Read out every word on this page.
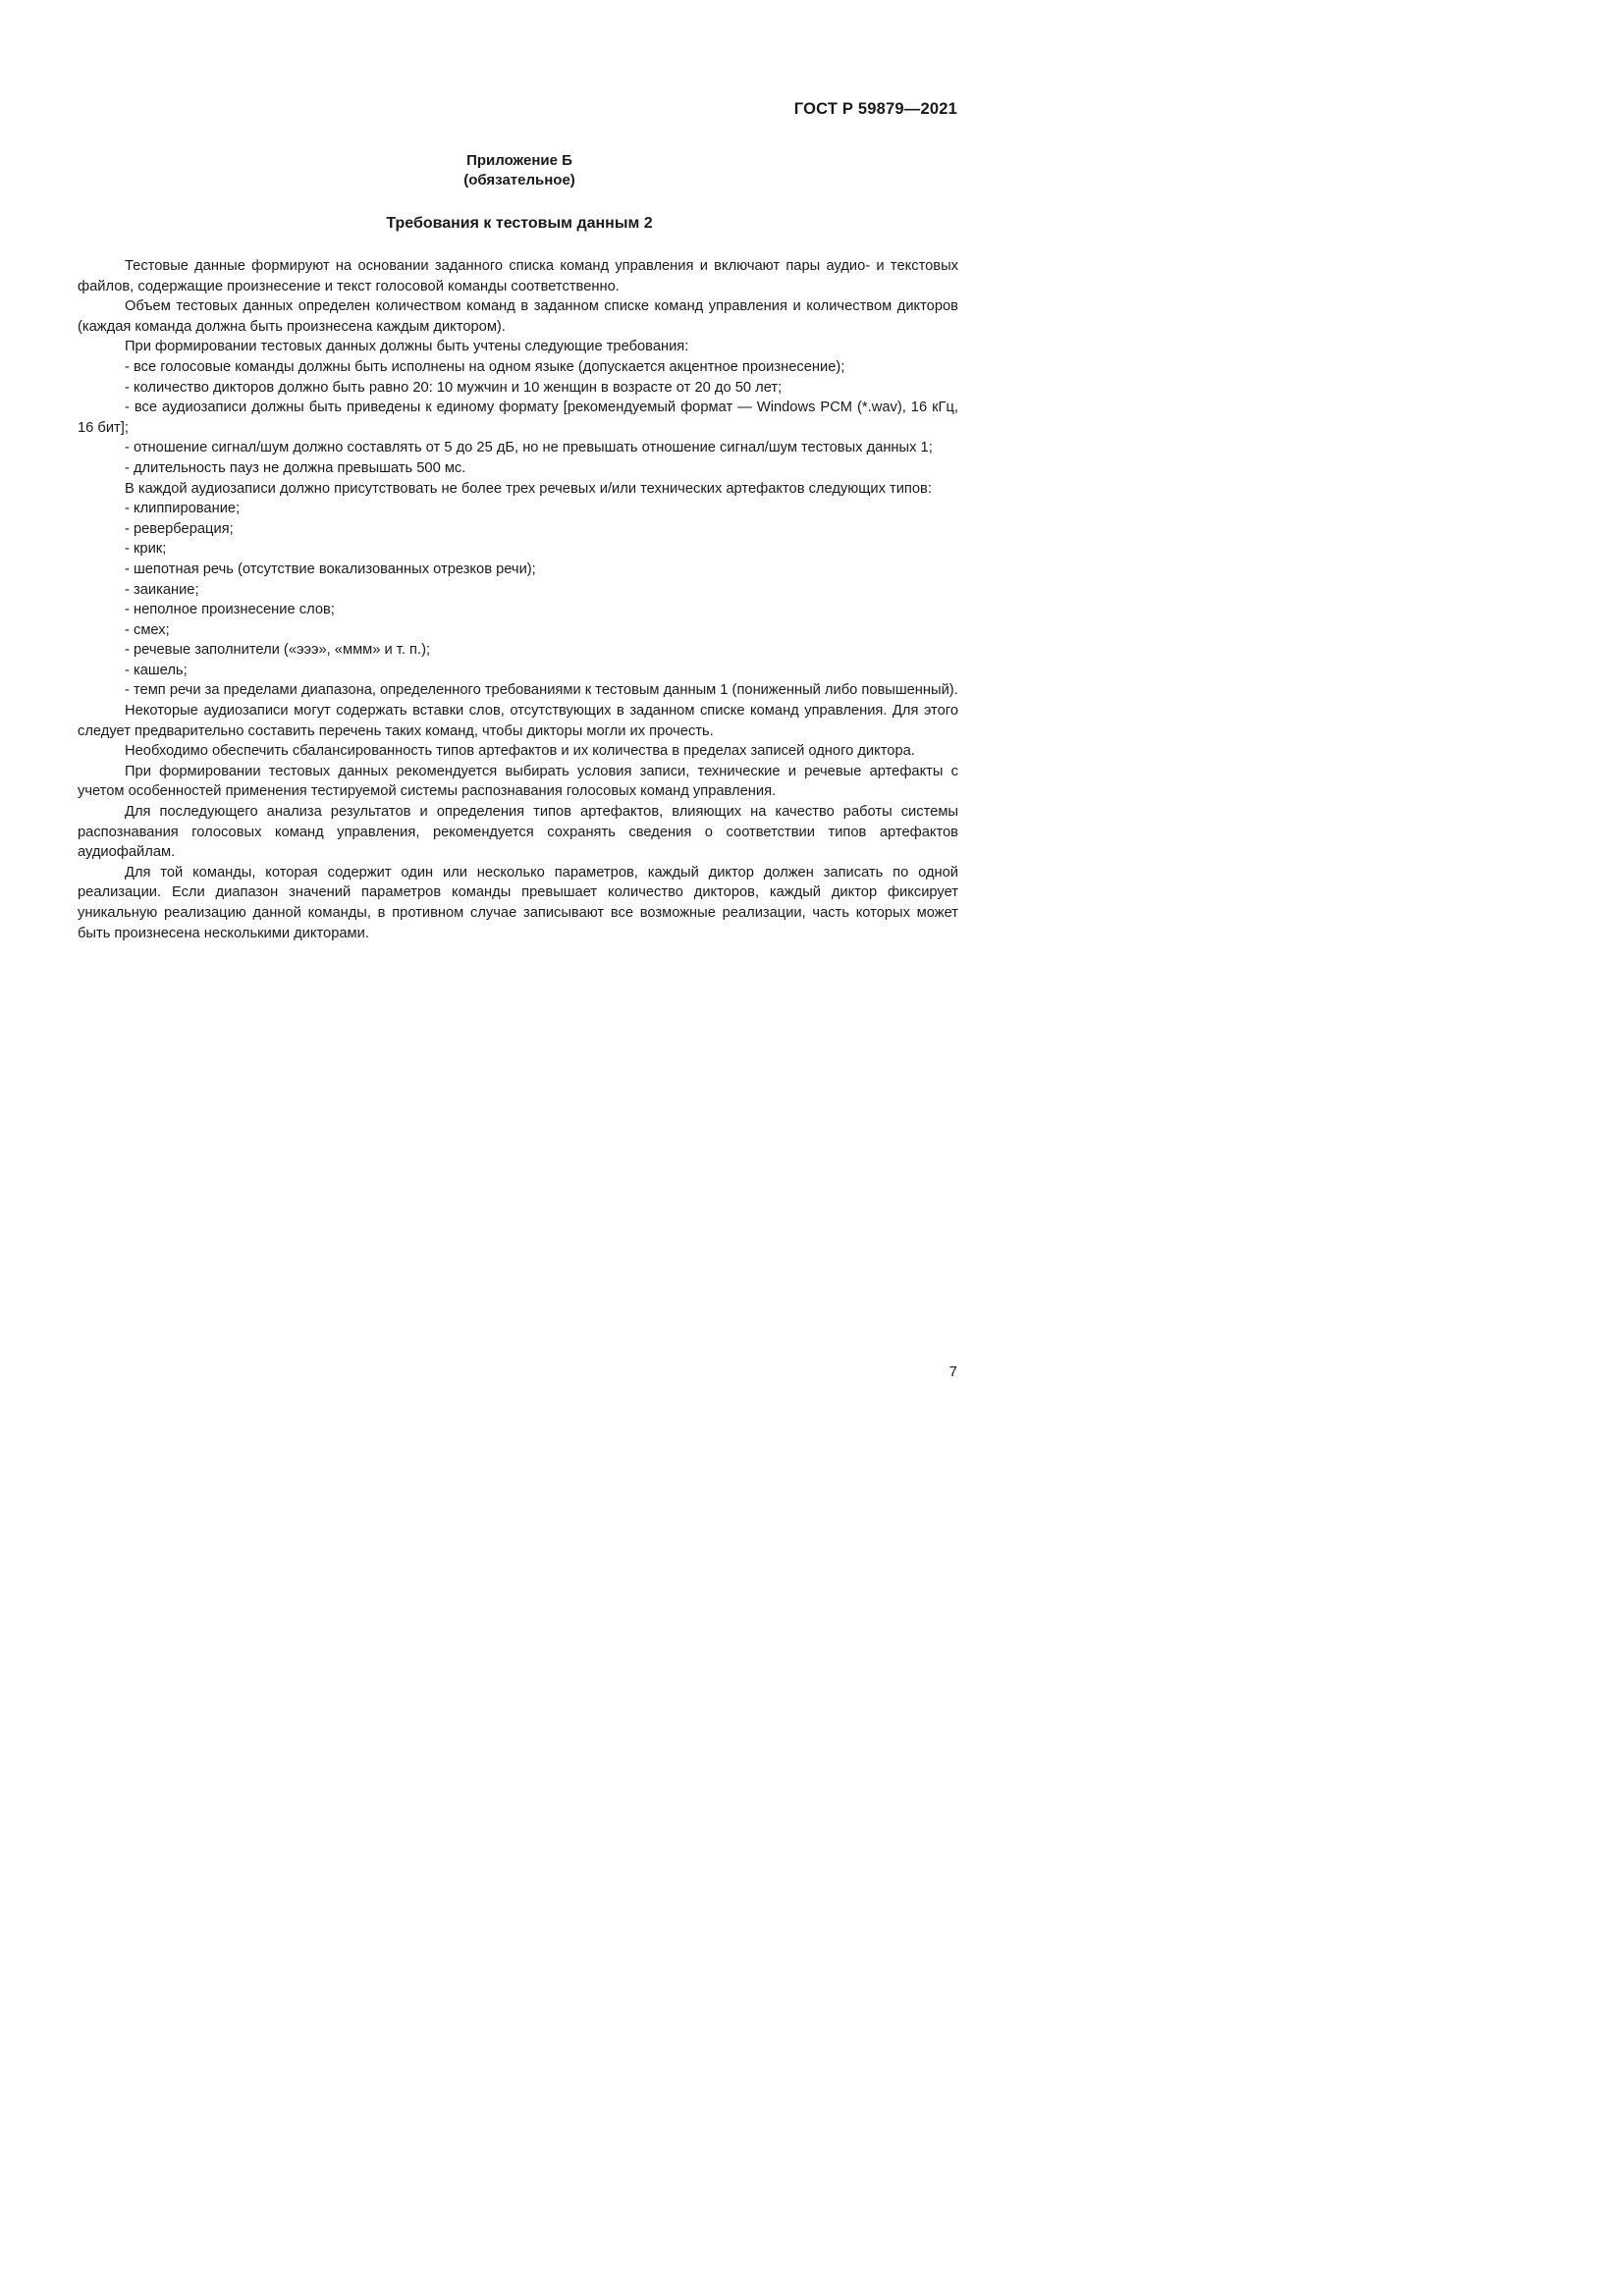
ГОСТ Р 59879—2021
Приложение Б
(обязательное)
Требования к тестовым данным 2

Тестовые данные формируют на основании заданного списка команд управления и включают пары аудио- и текстовых файлов, содержащие произнесение и текст голосовой команды соответственно.

Объем тестовых данных определен количеством команд в заданном списке команд управления и количеством дикторов (каждая команда должна быть произнесена каждым диктором).

При формировании тестовых данных должны быть учтены следующие требования:

- все голосовые команды должны быть исполнены на одном языке (допускается акцентное произнесение);

- количество дикторов должно быть равно 20: 10 мужчин и 10 женщин в возрасте от 20 до 50 лет;

- все аудиозаписи должны быть приведены к единому формату [рекомендуемый формат — Windows PCM (*.wav), 16 кГц, 16 бит];

- отношение сигнал/шум должно составлять от 5 до 25 дБ, но не превышать отношение сигнал/шум тестовых данных 1;

- длительность пауз не должна превышать 500 мс.

В каждой аудиозаписи должно присутствовать не более трех речевых и/или технических артефактов следующих типов:

- клиппирование;

- реверберация;

- крик;

- шепотная речь (отсутствие вокализованных отрезков речи);

- заикание;

- неполное произнесение слов;

- смех;

- речевые заполнители («эээ», «ммм» и т. п.);

- кашель;

- темп речи за пределами диапазона, определенного требованиями к тестовым данным 1 (пониженный либо повышенный).

Некоторые аудиозаписи могут содержать вставки слов, отсутствующих в заданном списке команд управления. Для этого следует предварительно составить перечень таких команд, чтобы дикторы могли их прочесть.

Необходимо обеспечить сбалансированность типов артефактов и их количества в пределах записей одного диктора.

При формировании тестовых данных рекомендуется выбирать условия записи, технические и речевые артефакты с учетом особенностей применения тестируемой системы распознавания голосовых команд управления.

Для последующего анализа результатов и определения типов артефактов, влияющих на качество работы системы распознавания голосовых команд управления, рекомендуется сохранять сведения о соответствии типов артефактов аудиофайлам.

Для той команды, которая содержит один или несколько параметров, каждый диктор должен записать по одной реализации. Если диапазон значений параметров команды превышает количество дикторов, каждый диктор фиксирует уникальную реализацию данной команды, в противном случае записывают все возможные реализации, часть которых может быть произнесена несколькими дикторами.

7
